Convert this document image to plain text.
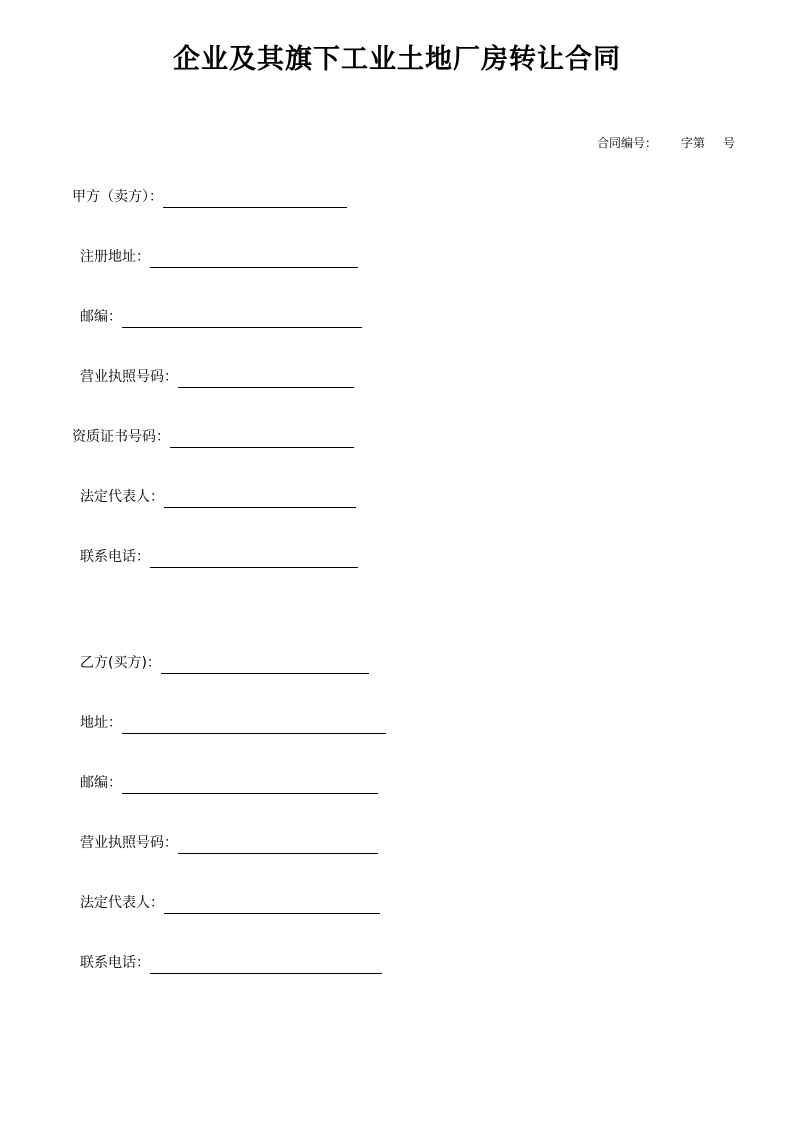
企业及其旗下工业土地厂房转让合同
合同编号： 字第 号
甲方（卖方）：
注册地址：
邮编：
营业执照号码：
资质证书号码：
法定代表人：
联系电话：
乙方(买方)：
地址：
邮编：
营业执照号码：
法定代表人：
联系电话：
